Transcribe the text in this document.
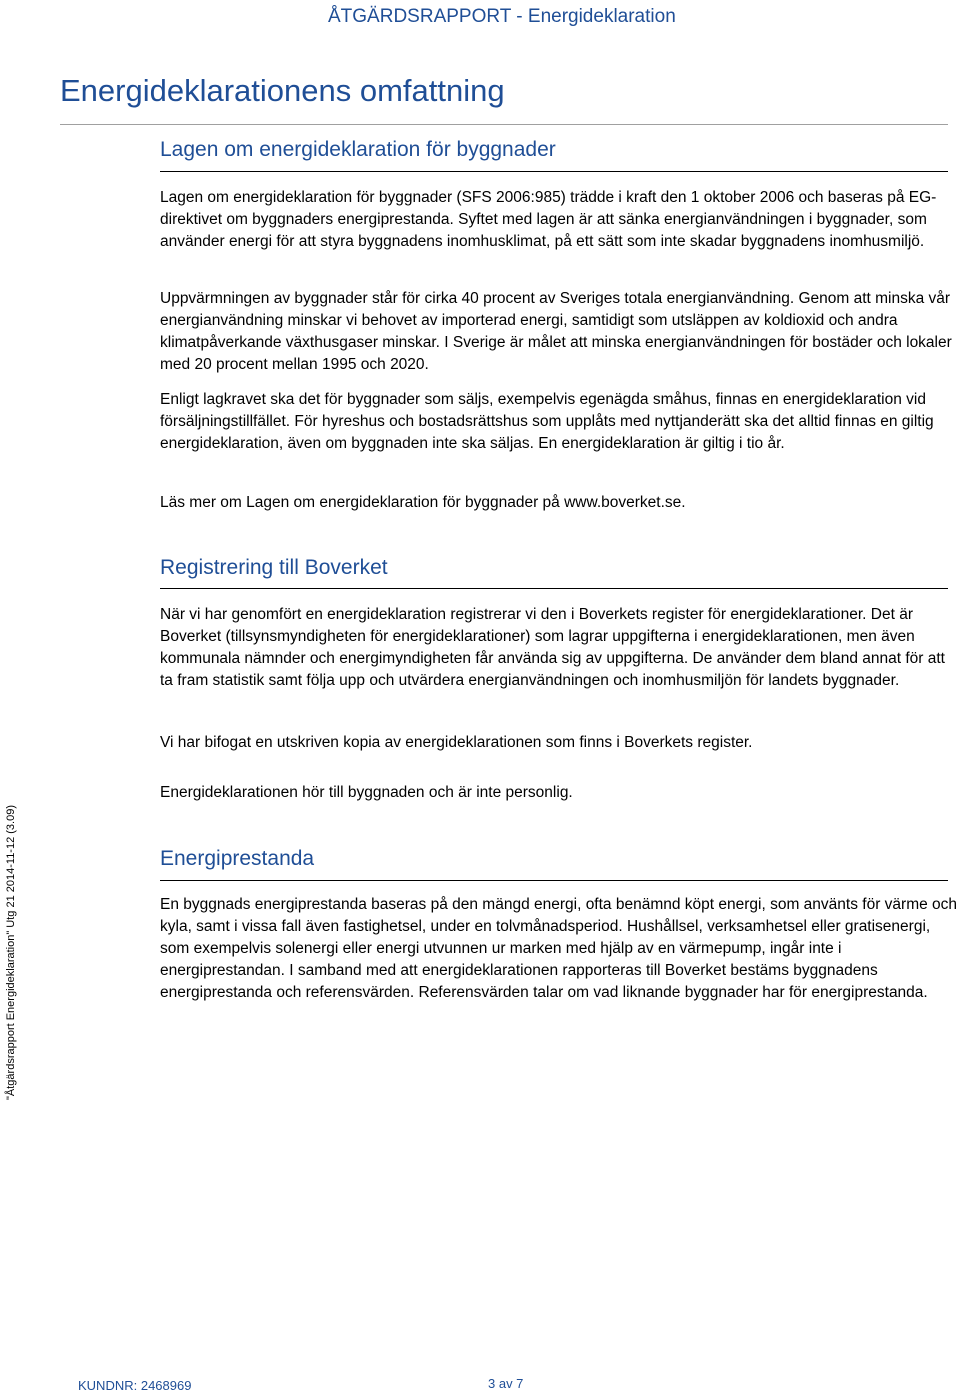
ÅTGÄRDSRAPPORT - Energideklaration
Energideklarationens omfattning
Lagen om energideklaration för byggnader

Lagen om energideklaration för byggnader (SFS 2006:985) trädde i kraft den 1 oktober 2006 och baseras på EG-direktivet om byggnaders energiprestanda. Syftet med lagen är att sänka energianvändningen i byggnader, som använder energi för att styra byggnadens inomhusklimat, på ett sätt som inte skadar byggnadens inomhusmiljö.

Uppvärmningen av byggnader står för cirka 40 procent av Sveriges totala energianvändning. Genom att minska vår energianvändning minskar vi behovet av importerad energi, samtidigt som utsläppen av koldioxid och andra klimatpåverkande växthusgaser minskar. I Sverige är målet att minska energianvändningen för bostäder och lokaler med 20 procent mellan 1995 och 2020.

Enligt lagkravet ska det för byggnader som säljs, exempelvis egenägda småhus, finnas en energideklaration vid försäljningstillfället. För hyreshus och bostadsrättshus som upplåts med nyttjanderätt ska det alltid finnas en giltig energideklaration, även om byggnaden inte ska säljas. En energideklaration är giltig i tio år.

Läs mer om Lagen om energideklaration för byggnader på www.boverket.se.

Registrering till Boverket

När vi har genomfört en energideklaration registrerar vi den i Boverkets register för energideklarationer. Det är Boverket (tillsynsmyndigheten för energideklarationer) som lagrar uppgifterna i energideklarationen, men även kommunala nämnder och energimyndigheten får använda sig av uppgifterna. De använder dem bland annat för att ta fram statistik samt följa upp och utvärdera energianvändningen och inomhusmiljön för landets byggnader.

Vi har bifogat en utskriven kopia av energideklarationen som finns i Boverkets register.

Energideklarationen hör till byggnaden och är inte personlig.

Energiprestanda

En byggnads energiprestanda baseras på den mängd energi, ofta benämnd köpt energi, som använts för värme och kyla, samt i vissa fall även fastighetsel, under en tolvmånadsperiod. Hushållsel, verksamhetsel eller gratisenergi, som exempelvis solenergi eller energi utvunnen ur marken med hjälp av en värmepump, ingår inte i energiprestandan. I samband med att energideklarationen rapporteras till Boverket bestäms byggnadens energiprestanda och referensvärden. Referensvärden talar om vad liknande byggnader har för energiprestanda.

"Åtgärdsrapport Energideklaration" Utg 21 2014-11-12 (3.09)
KUNDNR: 2468969	3 av 7
